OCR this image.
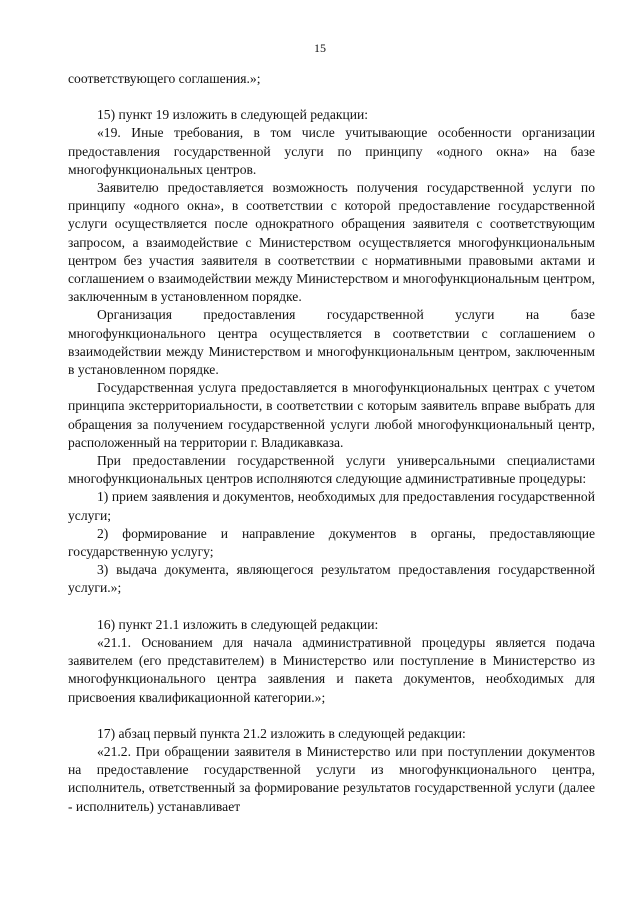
15

соответствующего соглашения.»;

15) пункт 19 изложить в следующей редакции:

«19. Иные требования, в том числе учитывающие особенности организации предоставления государственной услуги по принципу «одного окна» на базе многофункциональных центров.

Заявителю предоставляется возможность получения государственной услуги по принципу «одного окна», в соответствии с которой предоставление государственной услуги осуществляется после однократного обращения заявителя с соответствующим запросом, а взаимодействие с Министерством осуществляется многофункциональным центром без участия заявителя в соответствии с нормативными правовыми актами и соглашением о взаимодействии между Министерством и многофункциональным центром, заключенным в установленном порядке.

Организация предоставления государственной услуги на базе многофункционального центра осуществляется в соответствии с соглашением о взаимодействии между Министерством и многофункциональным центром, заключенным в установленном порядке.

Государственная услуга предоставляется в многофункциональных центрах с учетом принципа экстерриториальности, в соответствии с которым заявитель вправе выбрать для обращения за получением государственной услуги любой многофункциональный центр, расположенный на территории г. Владикавказа.

При предоставлении государственной услуги универсальными специалистами многофункциональных центров исполняются следующие административные процедуры:

1) прием заявления и документов, необходимых для предоставления государственной услуги;

2) формирование и направление документов в органы, предоставляющие государственную услугу;

3) выдача документа, являющегося результатом предоставления государственной услуги.»;

16) пункт 21.1 изложить в следующей редакции:

«21.1. Основанием для начала административной процедуры является подача заявителем (его представителем) в Министерство или поступление в Министерство из многофункционального центра заявления и пакета документов, необходимых для присвоения квалификационной категории.»;

17) абзац первый пункта 21.2 изложить в следующей редакции:

«21.2. При обращении заявителя в Министерство или при поступлении документов на предоставление государственной услуги из многофункционального центра, исполнитель, ответственный за формирование результатов государственной услуги (далее - исполнитель) устанавливает
